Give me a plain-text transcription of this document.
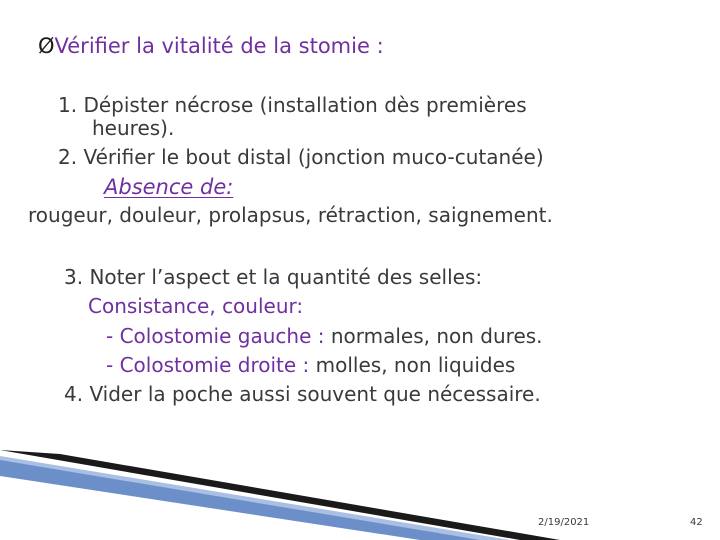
ØVérifier la vitalité de la stomie :
1. Dépister nécrose (installation dès premières
heures).
2. Vérifier le bout distal (jonction muco-cutanée)
Absence de:
rougeur, douleur, prolapsus, rétraction, saignement.
3. Noter l’aspect et la quantité des selles:
Consistance, couleur:
- Colostomie gauche : normales, non dures.
- Colostomie droite : molles, non liquides
4. Vider la poche aussi souvent que nécessaire.
2/19/2021	42
